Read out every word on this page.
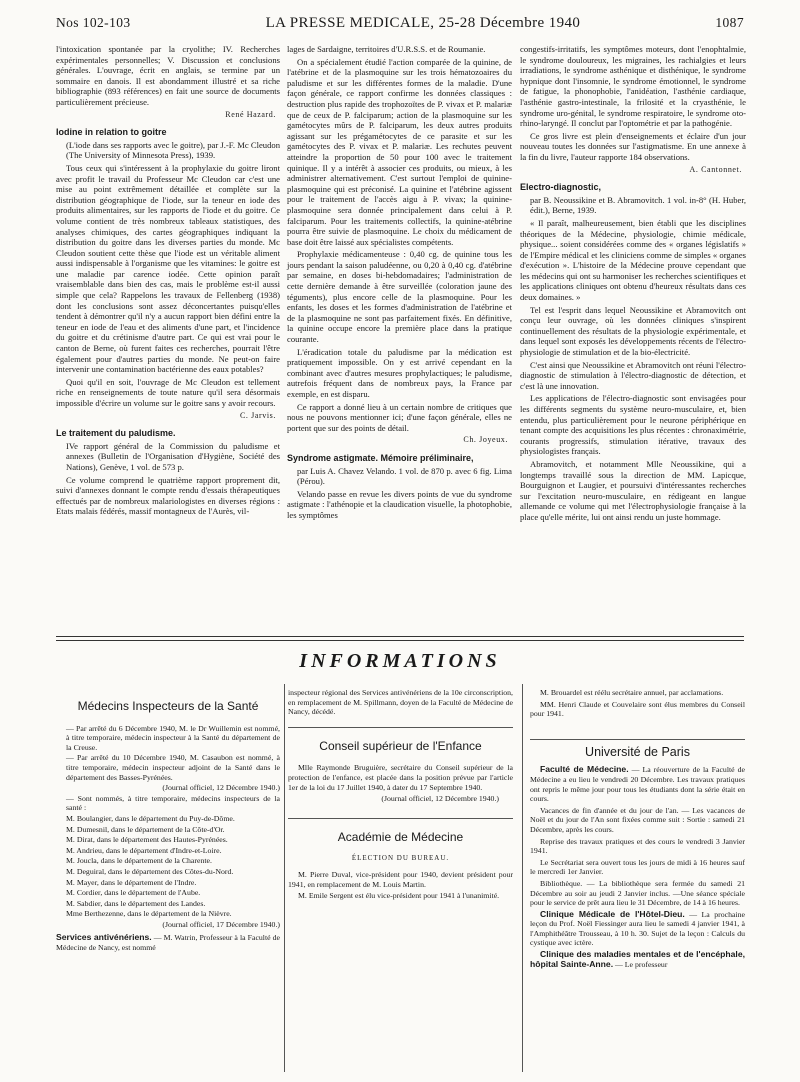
Nos 102-103	LA PRESSE MEDICALE, 25-28 Décembre 1940	1087

l'intoxication spontanée par la cryolithe; IV. Recherches expérimentales personnelles; V. Discussion et conclusions générales. L'ouvrage, écrit en anglais, se termine par un sommaire en danois. Il est abondamment illustré et sa riche bibliographie (893 références) en fait une source de documents particulièrement précieuse.

René Hazard.

Iodine in relation to goitre

(L'iode dans ses rapports avec le goitre), par J.-F. Mc Cleudon (The University of Minnesota Press), 1939.

Tous ceux qui s'intéressent à la prophylaxie du goitre liront avec profit le travail du Professeur Mc Cleudon car c'est une mise au point extrêmement détaillée et complète sur la distribution géographique de l'iode, sur la teneur en iode des produits alimentaires, sur les rapports de l'iode et du goitre. Ce volume contient de très nombreux tableaux statistiques, des analyses chimiques, des cartes géographiques indiquant la distribution du goitre dans les diverses parties du monde. Mc Cleudon soutient cette thèse que l'iode est un véritable aliment aussi indispensable à l'organisme que les vitamines: le goitre est une maladie par carence iodée. Cette opinion paraît vraisemblable dans bien des cas, mais le problème est-il aussi simple que cela? Rappelons les travaux de Fellenberg (1938) dont les conclusions sont assez déconcertantes puisqu'elles tendent à démontrer qu'il n'y a aucun rapport bien défini entre la teneur en iode de l'eau et des aliments d'une part, et l'incidence du goitre et du crétinisme d'autre part. Ce qui est vrai pour le canton de Berne, où furent faites ces recherches, pourrait l'être également pour d'autres parties du monde. Ne peut-on faire intervenir une contamination bactérienne des eaux potables?

Quoi qu'il en soit, l'ouvrage de Mc Cleudon est tellement riche en renseignements de toute nature qu'il sera désormais impossible d'écrire un volume sur le goitre sans y avoir recours.

C. Jarvis.

Le traitement du paludisme.

IVe rapport général de la Commission du paludisme et annexes (Bulletin de l'Organisation d'Hygiène, Société des Nations), Genève, 1 vol. de 573 p.

Ce volume comprend le quatrième rapport proprement dit, suivi d'annexes donnant le compte rendu d'essais thérapeutiques effectués par de nombreux malariologistes en diverses régions : Etats malais fédérés, massif montagneux de l'Aurès, vil-

lages de Sardaigne, territoires d'U.R.S.S. et de Roumanie.

On a spécialement étudié l'action comparée de la quinine, de l'atébrine et de la plasmoquine sur les trois hématozoaires du paludisme et sur les différentes formes de la maladie. D'une façon générale, ce rapport confirme les données classiques : destruction plus rapide des trophozoïtes de P. vivax et P. malariæ que de ceux de P. falciparum; action de la plasmoquine sur les gamétocytes mûrs de P. falciparum, les deux autres produits agissant sur les prégamétocytes de ce parasite et sur les gamétocytes des P. vivax et P. malariæ. Les rechutes peuvent atteindre la proportion de 50 pour 100 avec le traitement quinique. Il y a intérêt à associer ces produits, ou mieux, à les administrer alternativement. C'est surtout l'emploi de quinine-plasmoquine qui est préconisé. La quinine et l'atébrine agissent pour le traitement de l'accès aigu à P. vivax; la quinine-plasmoquine sera donnée principalement dans celui à P. falciparum. Pour les traitements collectifs, la quinine-atébrine pourra être suivie de plasmoquine. Le choix du médicament de base doit être laissé aux spécialistes compétents.

Prophylaxie médicamenteuse : 0,40 cg. de quinine tous les jours pendant la saison paludéenne, ou 0,20 à 0,40 cg. d'atébrine par semaine, en doses bi-hebdomadaires; l'administration de cette dernière demande à être surveillée (coloration jaune des téguments), plus encore celle de la plasmoquine. Pour les enfants, les doses et les formes d'administration de l'atébrine et de la plasmoquine ne sont pas parfaitement fixés. En définitive, la quinine occupe encore la première place dans la pratique courante.

L'éradication totale du paludisme par la médication est pratiquement impossible. On y est arrivé cependant en la combinant avec d'autres mesures prophylactiques; le paludisme, autrefois fréquent dans de nombreux pays, la France par exemple, en est disparu.

Ce rapport a donné lieu à un certain nombre de critiques que nous ne pouvons mentionner ici; d'une façon générale, elles ne portent que sur des points de détail.

Ch. Joyeux.

Syndrome astigmate. Mémoire préliminaire,

par Luis A. Chavez Velando. 1 vol. de 870 p. avec 6 fig. Lima (Pérou).

Velando passe en revue les divers points de vue du syndrome astigmate : l'athénopie et la claudication visuelle, la photophobie, les symptômes

congestifs-irritatifs, les symptômes moteurs, dont l'enophtalmie, le syndrome douloureux, les migraines, les rachialgies et leurs irradiations, le syndrome asthénique et disthénique, le syndrome hypnique dont l'insomnie, le syndrome émotionnel, le syndrome de fatigue, la phonophobie, l'anidéation, l'asthénie cardiaque, l'asthénie gastro-intestinale, la frilosité et la cryasthénie, le syndrome uro-génital, le syndrome respiratoire, le syndrome oto-rhino-laryngé. Il conclut par l'optométrie et par la pathogénie.

Ce gros livre est plein d'enseignements et éclaire d'un jour nouveau toutes les données sur l'astigmatisme. En une annexe à la fin du livre, l'auteur rapporte 184 observations.

A. Cantonnet.

Electro-diagnostic,

par B. Neoussikine et B. Abramovitch. 1 vol. in-8° (H. Huber, édit.), Berne, 1939.

« Il paraît, malheureusement, bien établi que les disciplines théoriques de la Médecine, physiologie, chimie médicale, physique... soient considérées comme des « organes législatifs » de l'Empire médical et les cliniciens comme de simples « organes d'exécution ». L'histoire de la Médecine prouve cependant que les médecins qui ont su harmoniser les recherches scientifiques et les applications cliniques ont obtenu d'heureux résultats dans ces deux domaines. »

Tel est l'esprit dans lequel Neoussikine et Abramovitch ont conçu leur ouvrage, où les données cliniques s'inspirent continuellement des résultats de la physiologie expérimentale, et dans lequel sont exposés les développements récents de l'électro-physiologie de stimulation et de la bio-électricité.

C'est ainsi que Neoussikine et Abramovitch ont réuni l'électro-diagnostic de stimulation à l'électro-diagnostic de détection, et c'est là une innovation.

Les applications de l'électro-diagnostic sont envisagées pour les différents segments du système neuro-musculaire, et, bien entendu, plus particulièrement pour le neurone périphérique en tenant compte des acquisitions les plus récentes : chronaximétrie, courants progressifs, stimulation itérative, travaux des physiologistes français.

Abramovitch, et notamment Mlle Neoussikine, qui a longtemps travaillé sous la direction de MM. Lapicque, Bourguignon et Laugier, et poursuivi d'intéressantes recherches sur l'excitation neuro-musculaire, en rédigeant en langue allemande ce volume qui met l'électrophysiologie française à la place qu'elle mérite, lui ont ainsi rendu un juste hommage.

INFORMATIONS

Médecins Inspecteurs de la Santé

— Par arrêté du 6 Décembre 1940, M. le Dr Wuillemin est nommé, à titre temporaire, médecin inspecteur à la Santé du département de la Creuse.

— Par arrêté du 10 Décembre 1940, M. Casaubon est nommé, à titre temporaire, médecin inspecteur adjoint de la Santé dans le département des Basses-Pyrénées.

(Journal officiel, 12 Décembre 1940.)

— Sont nommés, à titre temporaire, médecins inspecteurs de la santé :

M. Boulangier, dans le département du Puy-de-Dôme.

M. Dumesnil, dans le département de la Côte-d'Or.

M. Dirat, dans le département des Hautes-Pyrénées.

M. Andrieu, dans le département d'Indre-et-Loire.

M. Joucla, dans le département de la Charente.

M. Deguiral, dans le département des Côtes-du-Nord.

M. Mayer, dans le département de l'Indre.

M. Cordier, dans le département de l'Aube.

M. Sabdier, dans le département des Landes.

Mme Berthezenne, dans le département de la Nièvre.

(Journal officiel, 17 Décembre 1940.)

Services antivénériens. — M. Watrin, Professeur à la Faculté de Médecine de Nancy, est nommé

inspecteur régional des Services antivénériens de la 10e circonscription, en remplacement de M. Spillmann, doyen de la Faculté de Médecine de Nancy, décédé.

Conseil supérieur de l'Enfance

Mlle Raymonde Bruguière, secrétaire du Conseil supérieur de la protection de l'enfance, est placée dans la position prévue par l'article 1er de la loi du 17 Juillet 1940, à dater du 17 Septembre 1940.

(Journal officiel, 12 Décembre 1940.)

Académie de Médecine

ÉLECTION DU BUREAU.

M. Pierre Duval, vice-président pour 1940, devient président pour 1941, en remplacement de M. Louis Martin.

M. Emile Sergent est élu vice-président pour 1941 à l'unanimité.

M. Brouardel est réélu secrétaire annuel, par acclamations.

MM. Henri Claude et Couvelaire sont élus membres du Conseil pour 1941.

Université de Paris

Faculté de Médecine. — La réouverture de la Faculté de Médecine a eu lieu le vendredi 20 Décembre. Les travaux pratiques ont repris le même jour pour tous les étudiants dont la série était en cours.

Vacances de fin d'année et du jour de l'an. — Les vacances de Noël et du jour de l'An sont fixées comme suit : Sortie : samedi 21 Décembre, après les cours.

Reprise des travaux pratiques et des cours le vendredi 3 Janvier 1941.

Le Secrétariat sera ouvert tous les jours de midi à 16 heures sauf le mercredi 1er Janvier.

Bibliothèque. — La bibliothèque sera fermée du samedi 21 Décembre au soir au jeudi 2 Janvier inclus. —Une séance spéciale pour le service de prêt aura lieu le 31 Décembre, de 14 à 16 heures.

Clinique Médicale de l'Hôtel-Dieu. — La prochaine leçon du Prof. Noël Fiessinger aura lieu le samedi 4 janvier 1941, à l'Amphithéâtre Trousseau, à 10 h. 30. Sujet de la leçon : Calculs du cystique avec ictère.

Clinique des maladies mentales et de l'encéphale, hôpital Sainte-Anne. — Le professeur
